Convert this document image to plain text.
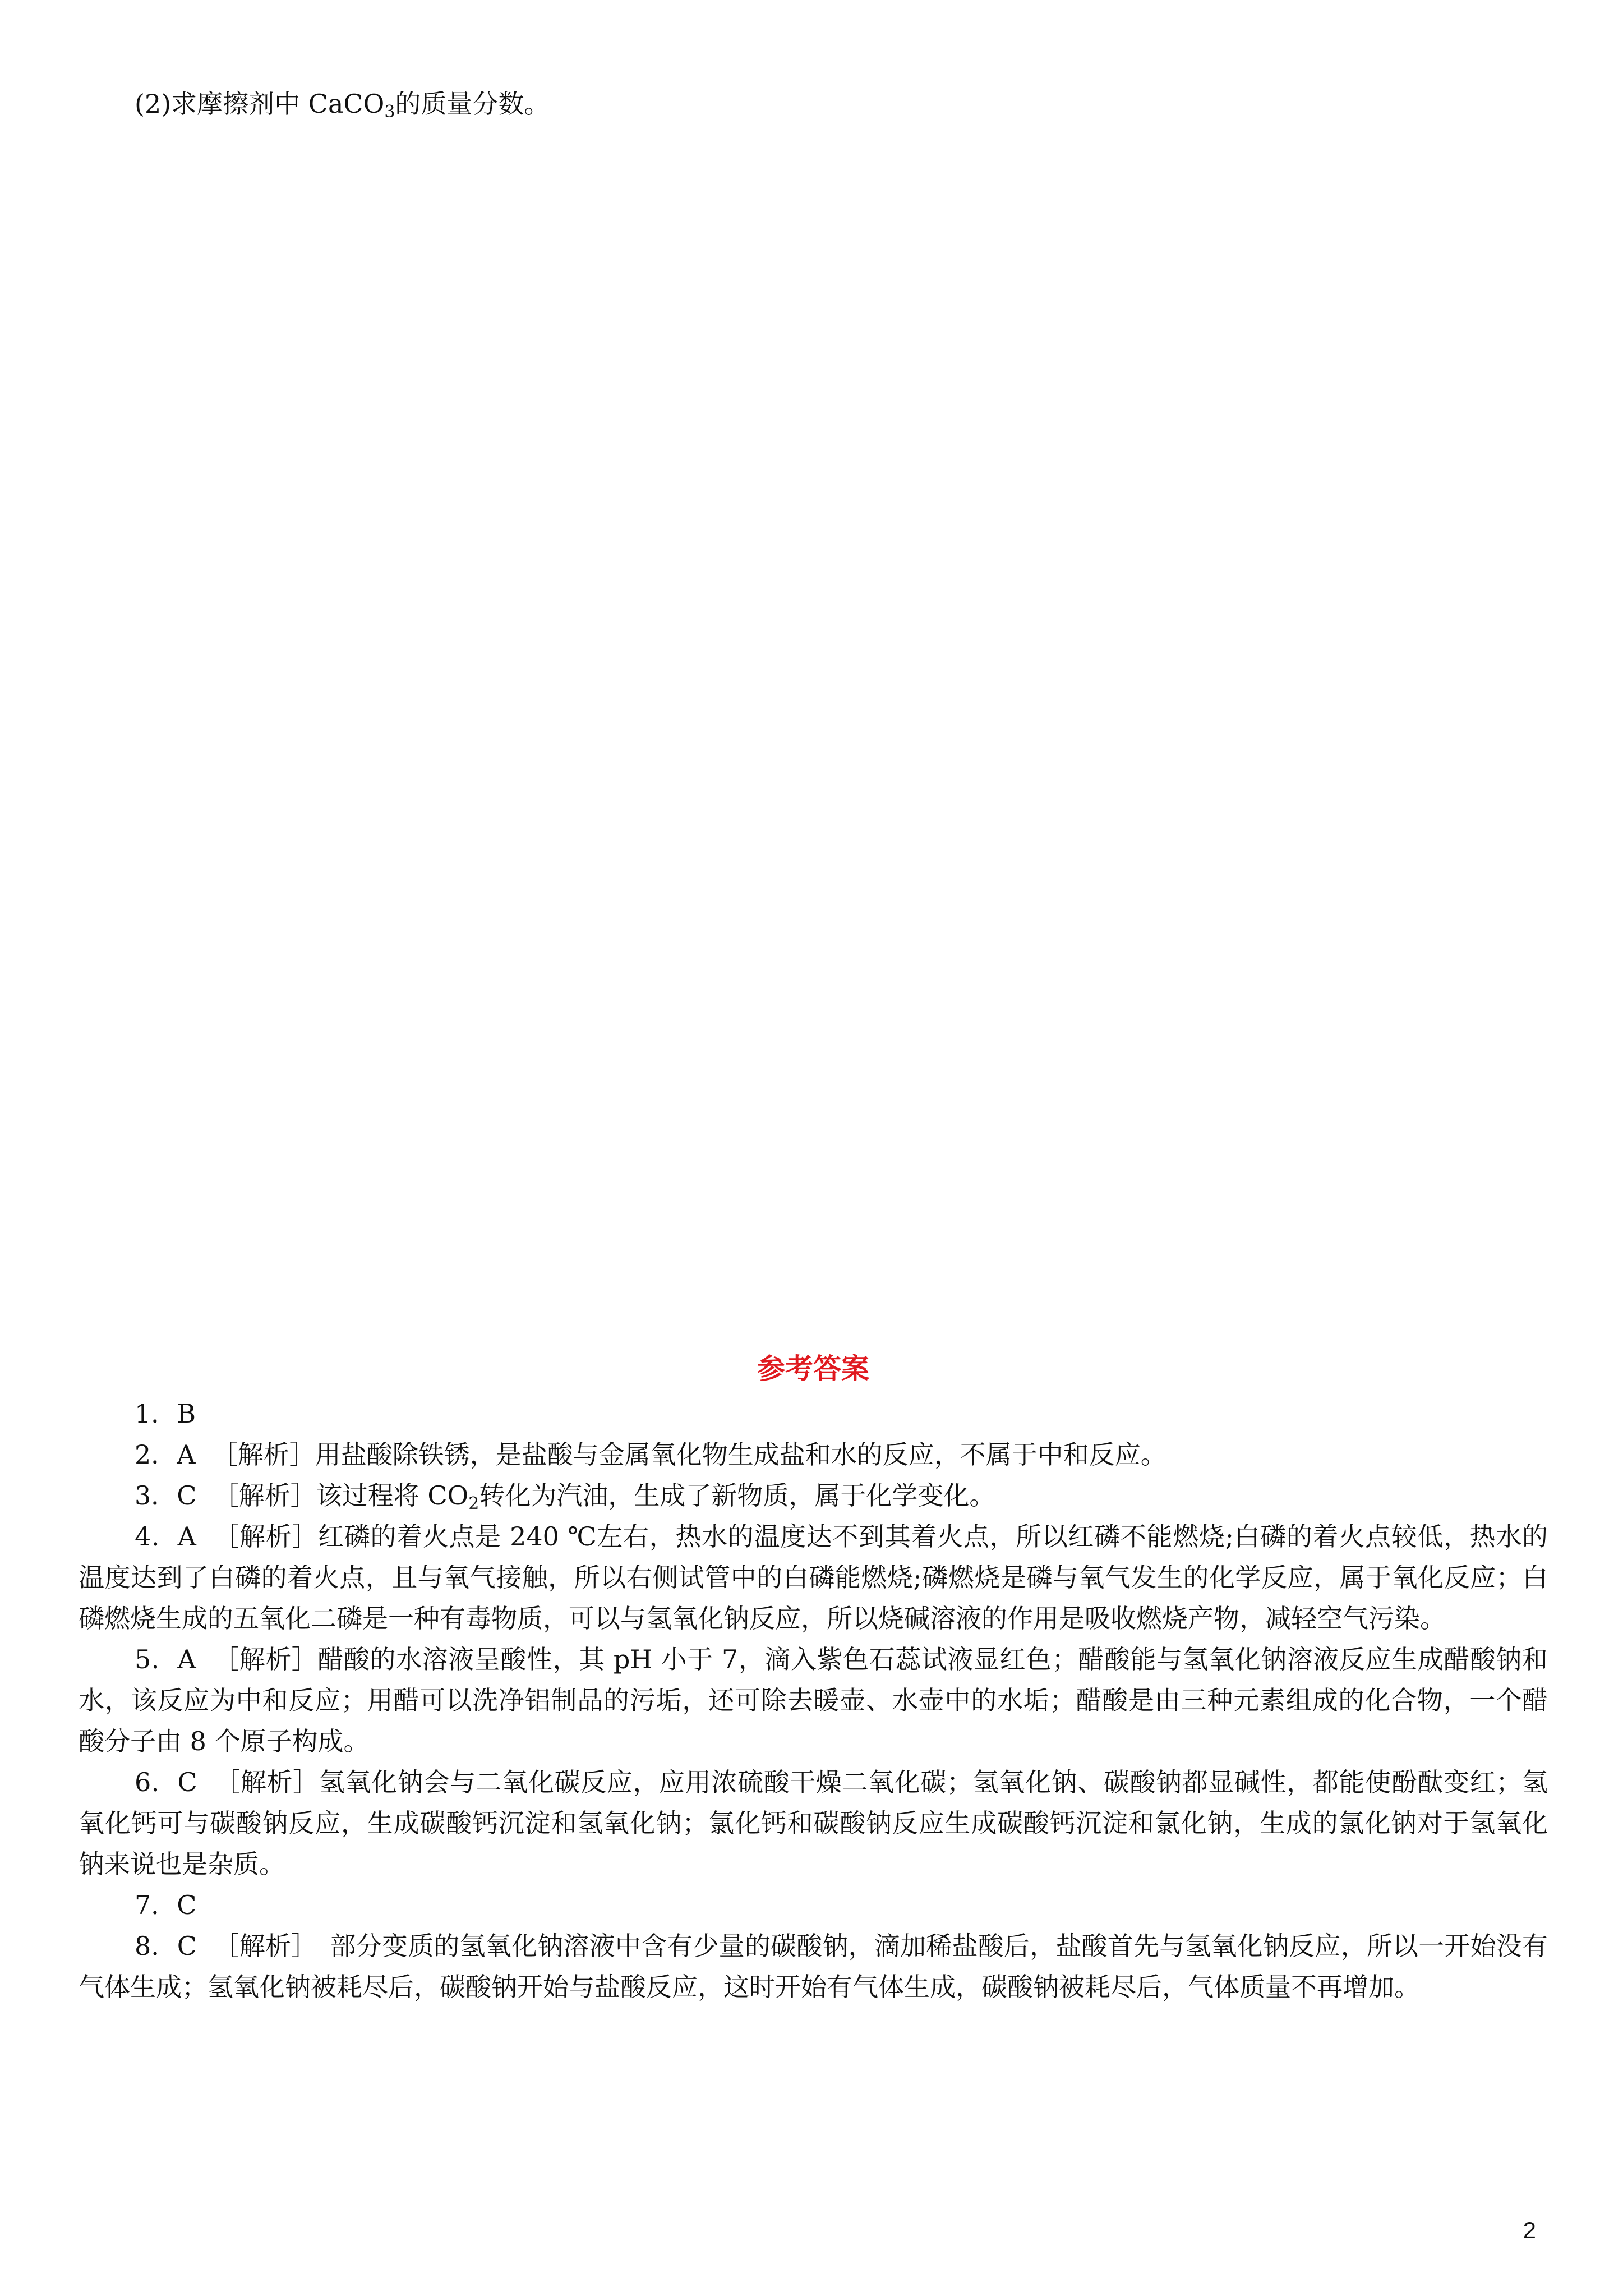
(2)求摩擦剂中 CaCO$_3$的质量分数。
参考答案

1．B

2．A ［解析］用盐酸除铁锈，是盐酸与金属氧化物生成盐和水的反应，不属于中和反应。

3．C ［解析］该过程将 $CO_2$转化为汽油，生成了新物质，属于化学变化。

4．A ［解析］红磷的着火点是 240 ℃左右，热水的温度达不到其着火点，所以红磷不能燃烧;白磷的着火点较低，热水的温度达到了白磷的着火点，且与氧气接触，所以右侧试管中的白磷能燃烧;磷燃烧是磷与氧气发生的化学反应，属于氧化反应；白磷燃烧生成的五氧化二磷是一种有毒物质，可以与氢氧化钠反应，所以烧碱溶液的作用是吸收燃烧产物，减轻空气污染。

5．A ［解析］醋酸的水溶液呈酸性，其 pH 小于 7，滴入紫色石蕊试液显红色；醋酸能与氢氧化钠溶液反应生成醋酸钠和水，该反应为中和反应；用醋可以洗净铝制品的污垢，还可除去暖壶、水壶中的水垢；醋酸是由三种元素组成的化合物，一个醋酸分子由 8 个原子构成。

6．C ［解析］氢氧化钠会与二氧化碳反应，应用浓硫酸干燥二氧化碳；氢氧化钠、碳酸钠都显碱性，都能使酚酞变红；氢氧化钙可与碳酸钠反应，生成碳酸钙沉淀和氢氧化钠；氯化钙和碳酸钠反应生成碳酸钙沉淀和氯化钠，生成的氯化钠对于氢氧化钠来说也是杂质。

7．C

8．C ［解析］　部分变质的氢氧化钠溶液中含有少量的碳酸钠，滴加稀盐酸后，盐酸首先与氢氧化钠反应，所以一开始没有气体生成；氢氧化钠被耗尽后，碳酸钠开始与盐酸反应，这时开始有气体生成，碳酸钠被耗尽后，气体质量不再增加。

2
